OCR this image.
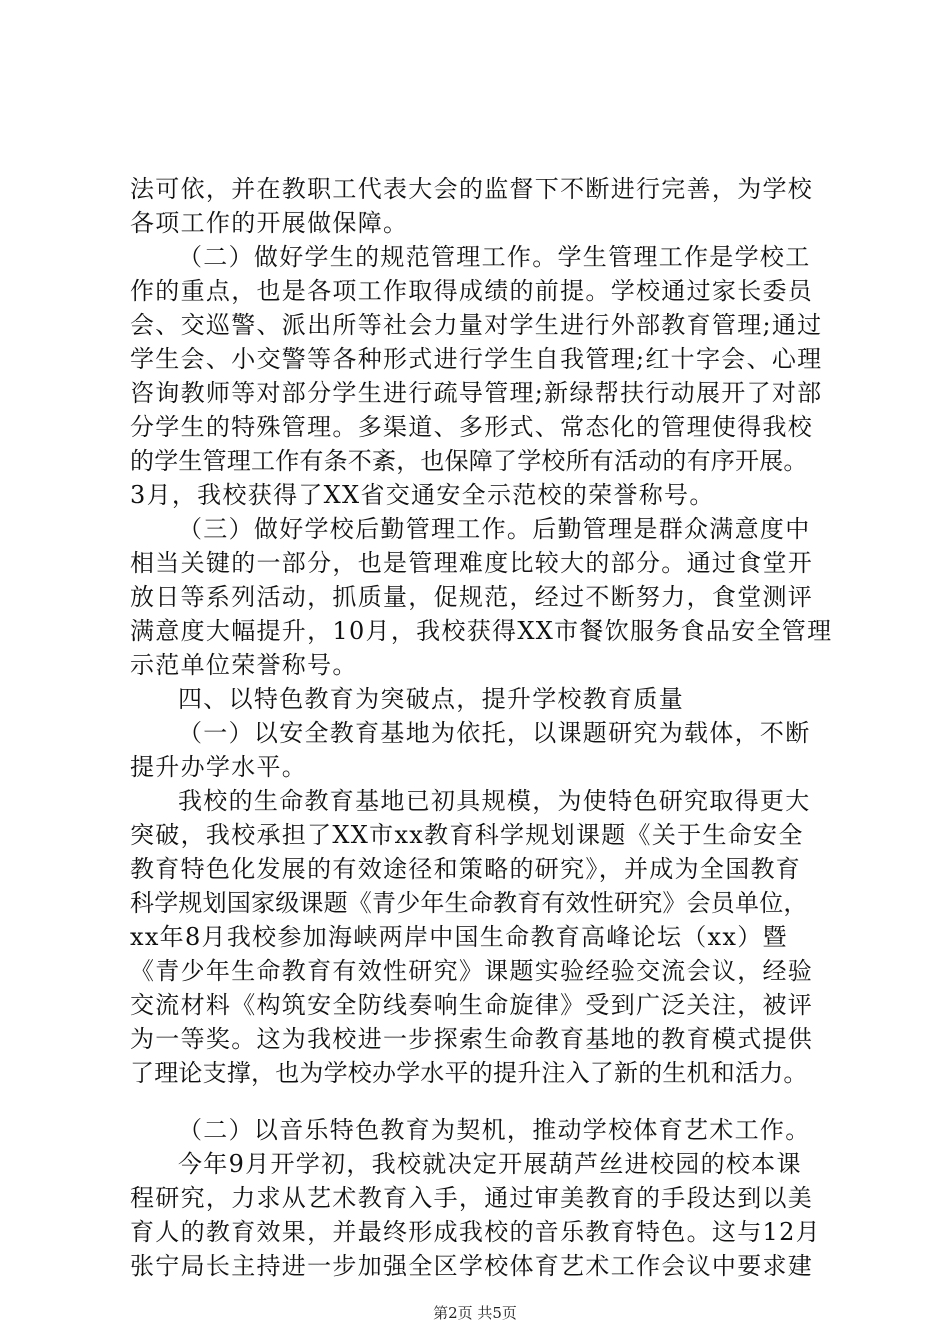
法可依，并在教职工代表大会的监督下不断进行完善，为学校
各项工作的开展做保障。
（二）做好学生的规范管理工作。学生管理工作是学校工
作的重点，也是各项工作取得成绩的前提。学校通过家长委员
会、交巡警、派出所等社会力量对学生进行外部教育管理;通过
学生会、小交警等各种形式进行学生自我管理;红十字会、心理
咨询教师等对部分学生进行疏导管理;新绿帮扶行动展开了对部
分学生的特殊管理。多渠道、多形式、常态化的管理使得我校
的学生管理工作有条不紊，也保障了学校所有活动的有序开展。
3月，我校获得了XX省交通安全示范校的荣誉称号。
（三）做好学校后勤管理工作。后勤管理是群众满意度中
相当关键的一部分，也是管理难度比较大的部分。通过食堂开
放日等系列活动，抓质量，促规范，经过不断努力，食堂测评
满意度大幅提升，10月，我校获得XX市餐饮服务食品安全管理
示范单位荣誉称号。
四、以特色教育为突破点，提升学校教育质量
（一）以安全教育基地为依托，以课题研究为载体，不断
提升办学水平。
我校的生命教育基地已初具规模，为使特色研究取得更大
突破，我校承担了XX市xx教育科学规划课题《关于生命安全
教育特色化发展的有效途径和策略的研究》，并成为全国教育
科学规划国家级课题《青少年生命教育有效性研究》会员单位，
xx年8月我校参加海峡两岸中国生命教育高峰论坛（xx）暨
《青少年生命教育有效性研究》课题实验经验交流会议，经验
交流材料《构筑安全防线奏响生命旋律》受到广泛关注，被评
为一等奖。这为我校进一步探索生命教育基地的教育模式提供
了理论支撑，也为学校办学水平的提升注入了新的生机和活力。
（二）以音乐特色教育为契机，推动学校体育艺术工作。
今年9月开学初，我校就决定开展葫芦丝进校园的校本课
程研究，力求从艺术教育入手，通过审美教育的手段达到以美
育人的教育效果，并最终形成我校的音乐教育特色。这与12月
张宁局长主持进一步加强全区学校体育艺术工作会议中要求建
第2页 共5页
